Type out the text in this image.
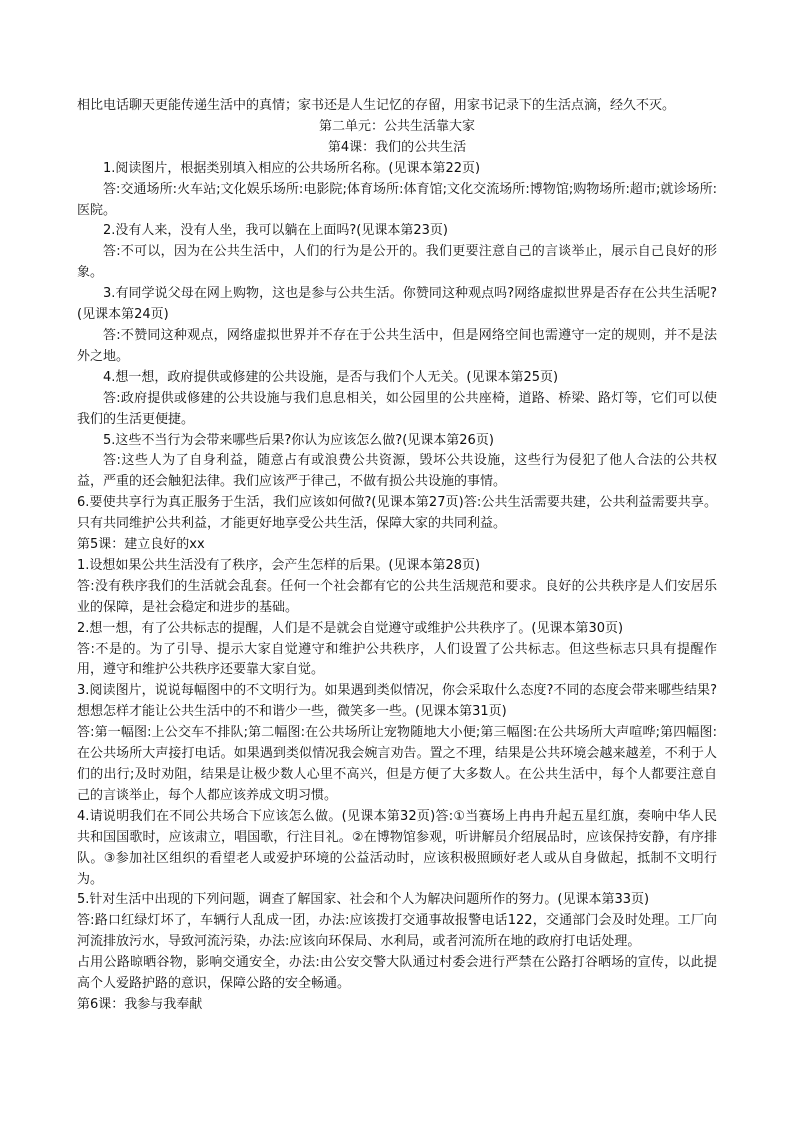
相比电话聊天更能传递生活中的真情；家书还是人生记忆的存留，用家书记录下的生活点滴，经久不灭。

第二单元：公共生活靠大家

第4课：我们的公共生活

1.阅读图片，根据类别填入相应的公共场所名称。(见课本第22页)

答:交通场所:火车站;文化娱乐场所:电影院;体育场所:体育馆;文化交流场所:博物馆;购物场所:超市;就诊场所:医院。

2.没有人来，没有人坐，我可以躺在上面吗?(见课本第23页)

答:不可以，因为在公共生活中，人们的行为是公开的。我们更要注意自己的言谈举止，展示自己良好的形象。

3.有同学说父母在网上购物，这也是参与公共生活。你赞同这种观点吗?网络虚拟世界是否存在公共生活呢?(见课本第24页)

答:不赞同这种观点，网络虚拟世界并不存在于公共生活中，但是网络空间也需遵守一定的规则，并不是法外之地。

4.想一想，政府提供或修建的公共设施，是否与我们个人无关。(见课本第25页)

答:政府提供或修建的公共设施与我们息息相关，如公园里的公共座椅，道路、桥梁、路灯等，它们可以使我们的生活更便捷。

5.这些不当行为会带来哪些后果?你认为应该怎么做?(见课本第26页)

答:这些人为了自身利益，随意占有或浪费公共资源，毁坏公共设施，这些行为侵犯了他人合法的公共权益，严重的还会触犯法律。我们应该严于律己，不做有损公共设施的事情。

6.要使共享行为真正服务于生活，我们应该如何做?(见课本第27页)答:公共生活需要共建，公共利益需要共享。只有共同维护公共利益，才能更好地享受公共生活，保障大家的共同利益。

第5课：建立良好的xx

1.设想如果公共生活没有了秩序，会产生怎样的后果。(见课本第28页)

答:没有秩序我们的生活就会乱套。任何一个社会都有它的公共生活规范和要求。良好的公共秩序是人们安居乐业的保障，是社会稳定和进步的基础。

2.想一想，有了公共标志的提醒，人们是不是就会自觉遵守或维护公共秩序了。(见课本第30页)

答:不是的。为了引导、提示大家自觉遵守和维护公共秩序，人们设置了公共标志。但这些标志只具有提醒作用，遵守和维护公共秩序还要靠大家自觉。

3.阅读图片，说说每幅图中的不文明行为。如果遇到类似情况，你会采取什么态度?不同的态度会带来哪些结果?想想怎样才能让公共生活中的不和谐少一些，微笑多一些。(见课本第31页)

答:第一幅图:上公交车不排队;第二幅图:在公共场所让宠物随地大小便;第三幅图:在公共场所大声喧哗;第四幅图:在公共场所大声接打电话。如果遇到类似情况我会婉言劝告。置之不理，结果是公共环境会越来越差，不利于人们的出行;及时劝阻，结果是让极少数人心里不高兴，但是方便了大多数人。在公共生活中，每个人都要注意自己的言谈举止，每个人都应该养成文明习惯。

4.请说明我们在不同公共场合下应该怎么做。(见课本第32页)答:①当赛场上冉冉升起五星红旗，奏响中华人民共和国国歌时，应该肃立，唱国歌，行注目礼。②在博物馆参观，听讲解员介绍展品时，应该保持安静，有序排队。③参加社区组织的看望老人或爱护环境的公益活动时，应该积极照顾好老人或从自身做起，抵制不文明行为。

5.针对生活中出现的下列问题，调查了解国家、社会和个人为解决问题所作的努力。(见课本第33页)

答:路口红绿灯坏了，车辆行人乱成一团，办法:应该拨打交通事故报警电话122，交通部门会及时处理。工厂向河流排放污水，导致河流污染，办法:应该向环保局、水利局，或者河流所在地的政府打电话处理。

占用公路晾晒谷物，影响交通安全，办法:由公安交警大队通过村委会进行严禁在公路打谷晒场的宣传，以此提高个人爱路护路的意识，保障公路的安全畅通。

第6课：我参与我奉献
